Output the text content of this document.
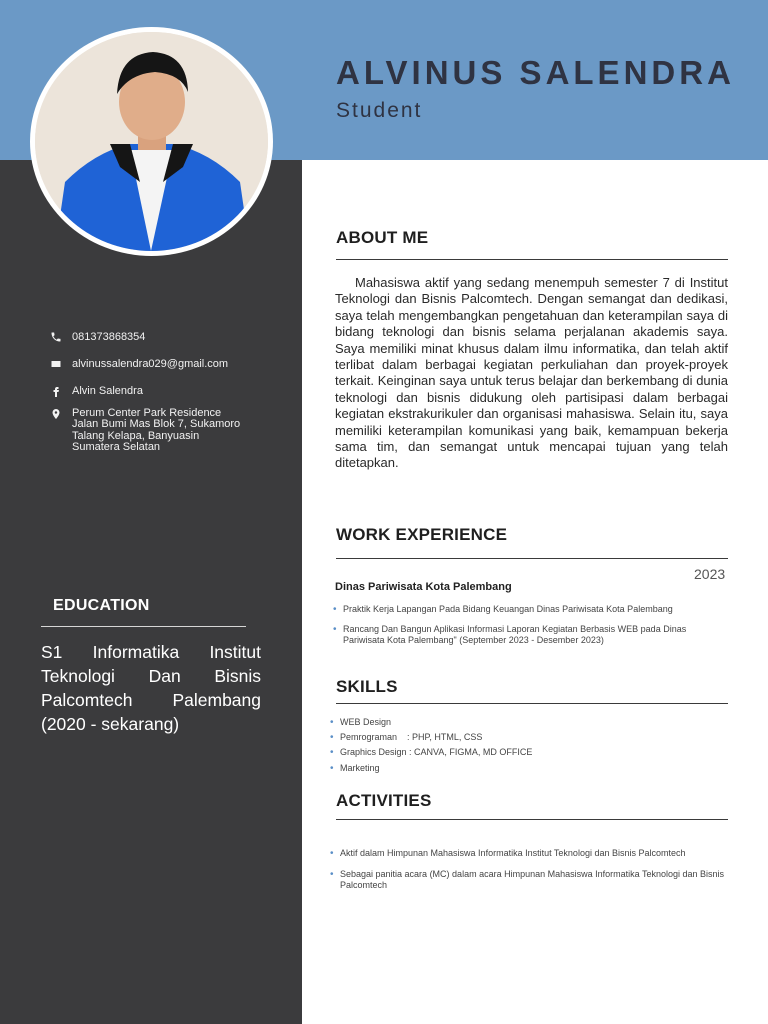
ALVINUS SALENDRA
Student
081373868354
alvinussalendra029@gmail.com
Alvin Salendra
Perum Center Park Residence
Jalan Bumi Mas Blok 7, Sukamoro
Talang Kelapa, Banyuasin
Sumatera Selatan
EDUCATION
S1 Informatika Institut Teknologi Dan Bisnis Palcomtech Palembang (2020 - sekarang)
ABOUT ME
Mahasiswa aktif yang sedang menempuh semester 7 di Institut Teknologi dan Bisnis Palcomtech. Dengan semangat dan dedikasi, saya telah mengembangkan pengetahuan dan keterampilan saya di bidang teknologi dan bisnis selama perjalanan akademis saya. Saya memiliki minat khusus dalam ilmu informatika, dan telah aktif terlibat dalam berbagai kegiatan perkuliahan dan proyek-proyek terkait. Keinginan saya untuk terus belajar dan berkembang di dunia teknologi dan bisnis didukung oleh partisipasi dalam berbagai kegiatan ekstrakurikuler dan organisasi mahasiswa. Selain itu, saya memiliki keterampilan komunikasi yang baik, kemampuan bekerja sama tim, dan semangat untuk mencapai tujuan yang telah ditetapkan.
WORK EXPERIENCE
2023
Dinas Pariwisata Kota Palembang
• Praktik Kerja Lapangan Pada Bidang Keuangan Dinas Pariwisata Kota Palembang
• Rancang Dan Bangun Aplikasi Informasi Laporan Kegiatan Berbasis WEB pada Dinas Pariwisata Kota Palembang" (September 2023 - Desember 2023)
SKILLS
• WEB Design
• Pemrograman    : PHP, HTML, CSS
• Graphics Design : CANVA, FIGMA, MD OFFICE
• Marketing
ACTIVITIES
• Aktif dalam Himpunan Mahasiswa Informatika Institut Teknologi dan Bisnis Palcomtech
• Sebagai panitia acara (MC) dalam acara Himpunan Mahasiswa Informatika Teknologi dan Bisnis Palcomtech
